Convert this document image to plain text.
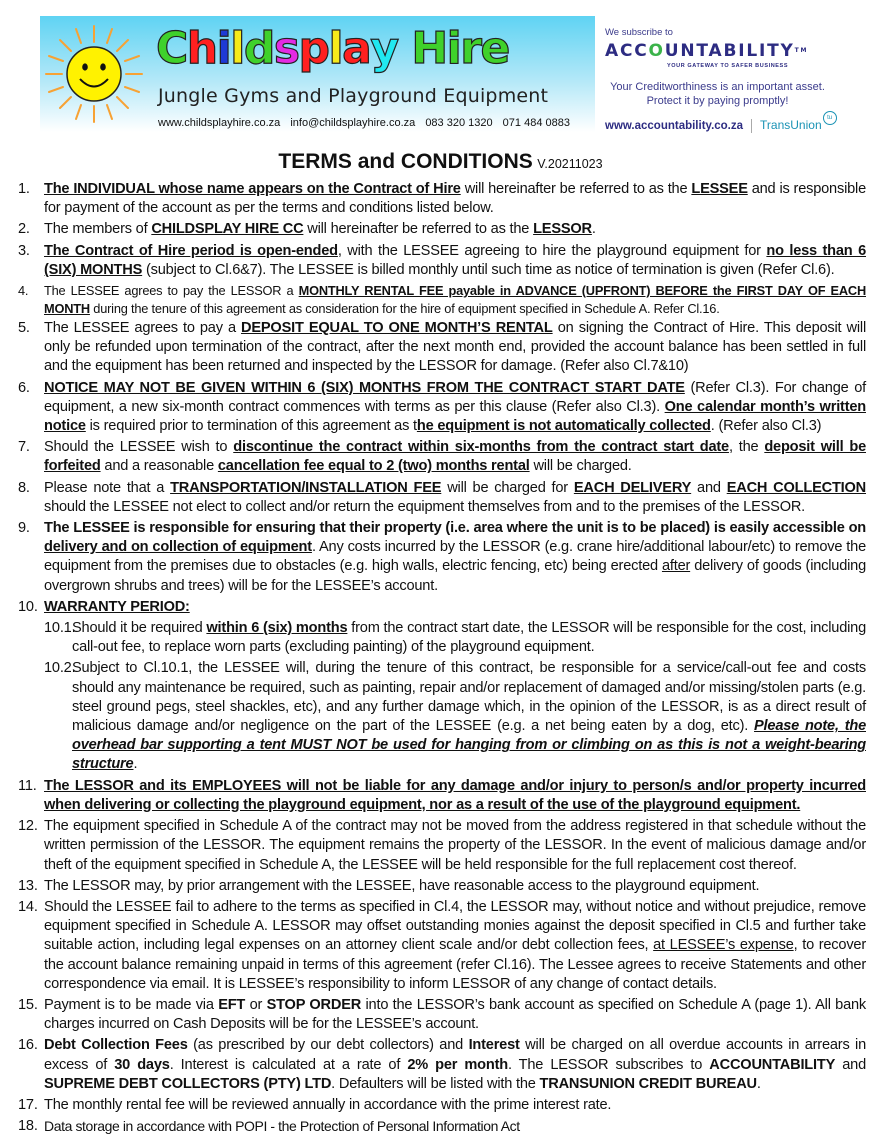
Childsplay Hire
Jungle Gyms and Playground Equipment
www.childsplayhire.co.za info@childsplayhire.co.za 083 320 1320 071 484 0883
We subscribe to
ACCOUNTABILITY™
YOUR GATEWAY TO SAFER BUSINESS
Your Creditworthiness is an important asset.
Protect it by paying promptly!
www.accountability.co.za TransUnion tu
TERMS and CONDITIONS V.20211023
1. The INDIVIDUAL whose name appears on the Contract of Hire will hereinafter be referred to as the LESSEE and is responsible for payment of the account as per the terms and conditions listed below.
2. The members of CHILDSPLAY HIRE CC will hereinafter be referred to as the LESSOR.
3. The Contract of Hire period is open-ended, with the LESSEE agreeing to hire the playground equipment for no less than 6 (SIX) MONTHS (subject to Cl.6&7). The LESSEE is billed monthly until such time as notice of termination is given (Refer Cl.6).
4. The LESSEE agrees to pay the LESSOR a MONTHLY RENTAL FEE payable in ADVANCE (UPFRONT) BEFORE the FIRST DAY OF EACH MONTH during the tenure of this agreement as consideration for the hire of equipment specified in Schedule A. Refer Cl.16.
5. The LESSEE agrees to pay a DEPOSIT EQUAL TO ONE MONTH’S RENTAL on signing the Contract of Hire. This deposit will only be refunded upon termination of the contract, after the next month end, provided the account balance has been settled in full and the equipment has been returned and inspected by the LESSOR for damage. (Refer also Cl.7&10)
6. NOTICE MAY NOT BE GIVEN WITHIN 6 (SIX) MONTHS FROM THE CONTRACT START DATE (Refer Cl.3). For change of equipment, a new six-month contract commences with terms as per this clause (Refer also Cl.3). One calendar month’s written notice is required prior to termination of this agreement as the equipment is not automatically collected. (Refer also Cl.3)
7. Should the LESSEE wish to discontinue the contract within six-months from the contract start date, the deposit will be forfeited and a reasonable cancellation fee equal to 2 (two) months rental will be charged.
8. Please note that a TRANSPORTATION/INSTALLATION FEE will be charged for EACH DELIVERY and EACH COLLECTION should the LESSEE not elect to collect and/or return the equipment themselves from and to the premises of the LESSOR.
9. The LESSEE is responsible for ensuring that their property (i.e. area where the unit is to be placed) is easily accessible on delivery and on collection of equipment. Any costs incurred by the LESSOR (e.g. crane hire/additional labour/etc) to remove the equipment from the premises due to obstacles (e.g. high walls, electric fencing, etc) being erected after delivery of goods (including overgrown shrubs and trees) will be for the LESSEE’s account.
10. WARRANTY PERIOD:
10.1.
Should it be required within 6 (six) months from the contract start date, the LESSOR will be responsible for the cost, including call-out fee, to replace worn parts (excluding painting) of the playground equipment.
10.2.
Subject to Cl.10.1, the LESSEE will, during the tenure of this contract, be responsible for a service/call-out fee and costs should any maintenance be required, such as painting, repair and/or replacement of damaged and/or missing/stolen parts (e.g. steel ground pegs, steel shackles, etc), and any further damage which, in the opinion of the LESSOR, is as a direct result of malicious damage and/or negligence on the part of the LESSEE (e.g. a net being eaten by a dog, etc). Please note, the overhead bar supporting a tent MUST NOT be used for hanging from or climbing on as this is not a weight-bearing structure.
11. The LESSOR and its EMPLOYEES will not be liable for any damage and/or injury to person/s and/or property incurred when delivering or collecting the playground equipment, nor as a result of the use of the playground equipment.
12. The equipment specified in Schedule A of the contract may not be moved from the address registered in that schedule without the written permission of the LESSOR. The equipment remains the property of the LESSOR. In the event of malicious damage and/or theft of the equipment specified in Schedule A, the LESSEE will be held responsible for the full replacement cost thereof.
13. The LESSOR may, by prior arrangement with the LESSEE, have reasonable access to the playground equipment.
14. Should the LESSEE fail to adhere to the terms as specified in Cl.4, the LESSOR may, without notice and without prejudice, remove equipment specified in Schedule A. LESSOR may offset outstanding monies against the deposit specified in Cl.5 and further take suitable action, including legal expenses on an attorney client scale and/or debt collection fees, at LESSEE’s expense, to recover the account balance remaining unpaid in terms of this agreement (refer Cl.16). The Lessee agrees to receive Statements and other correspondence via email. It is LESSEE’s responsibility to inform LESSOR of any change of contact details.
15. Payment is to be made via EFT or STOP ORDER into the LESSOR’s bank account as specified on Schedule A (page 1). All bank charges incurred on Cash Deposits will be for the LESSEE’s account.
16. Debt Collection Fees (as prescribed by our debt collectors) and Interest will be charged on all overdue accounts in arrears in excess of 30 days. Interest is calculated at a rate of 2% per month. The LESSOR subscribes to ACCOUNTABILITY and SUPREME DEBT COLLECTORS (PTY) LTD. Defaulters will be listed with the TRANSUNION CREDIT BUREAU.
17. The monthly rental fee will be reviewed annually in accordance with the prime interest rate.
18. Data storage in accordance with POPI - the Protection of Personal Information Act
